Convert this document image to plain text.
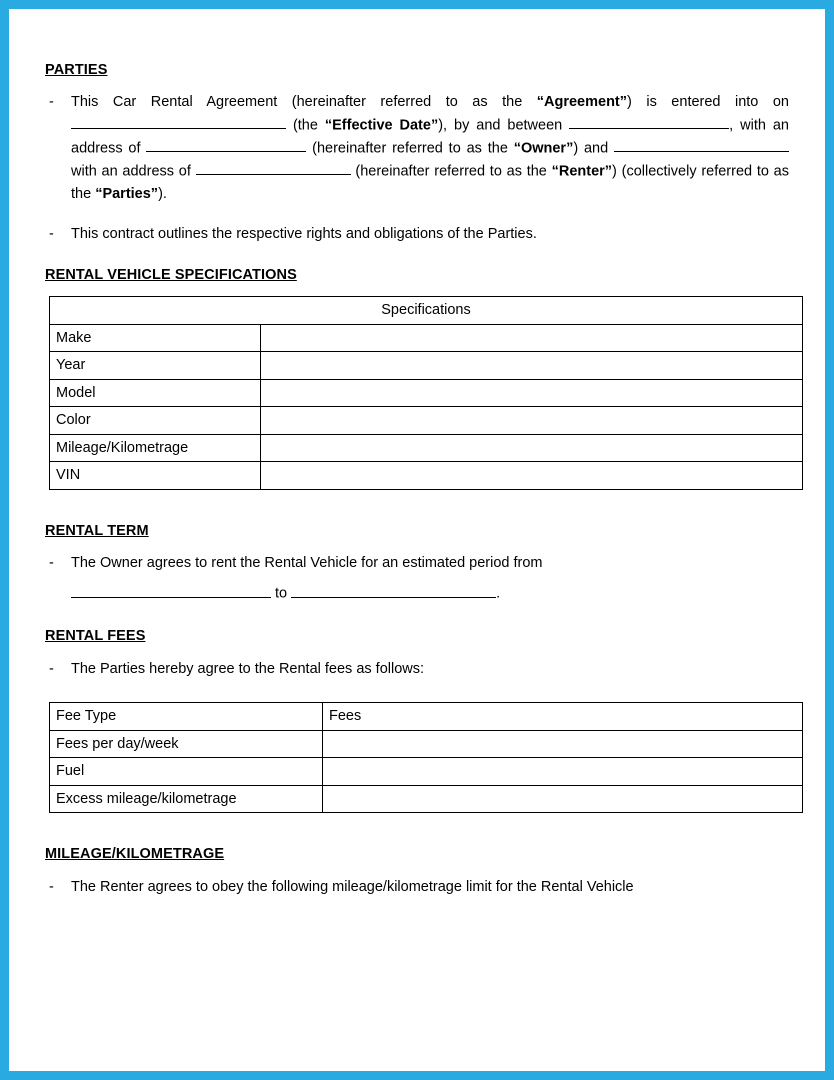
PARTIES
-	This Car Rental Agreement (hereinafter referred to as the “Agreement”) is entered into on  (the “Effective Date”), by and between	, with an address of	(hereinafter referred to as the “Owner”) and  with an address of	(hereinafter referred to as the “Renter”) (collectively referred to as the “Parties”).
-	This contract outlines the respective rights and obligations of the Parties.
RENTAL VEHICLE SPECIFICATIONS
Specifications	
Make	
Year	
Model	
Color	
Mileage/Kilometrage	
VIN	
RENTAL TERM
-	The Owner agrees to rent the Rental Vehicle for an estimated period from
to	.
RENTAL FEES
-	The Parties hereby agree to the Rental fees as follows:
Fee Type	Fees
Fees per day/week	
Fuel	
Excess mileage/kilometrage	
MILEAGE/KILOMETRAGE
-	The Renter agrees to obey the following mileage/kilometrage limit for the Rental Vehicle
